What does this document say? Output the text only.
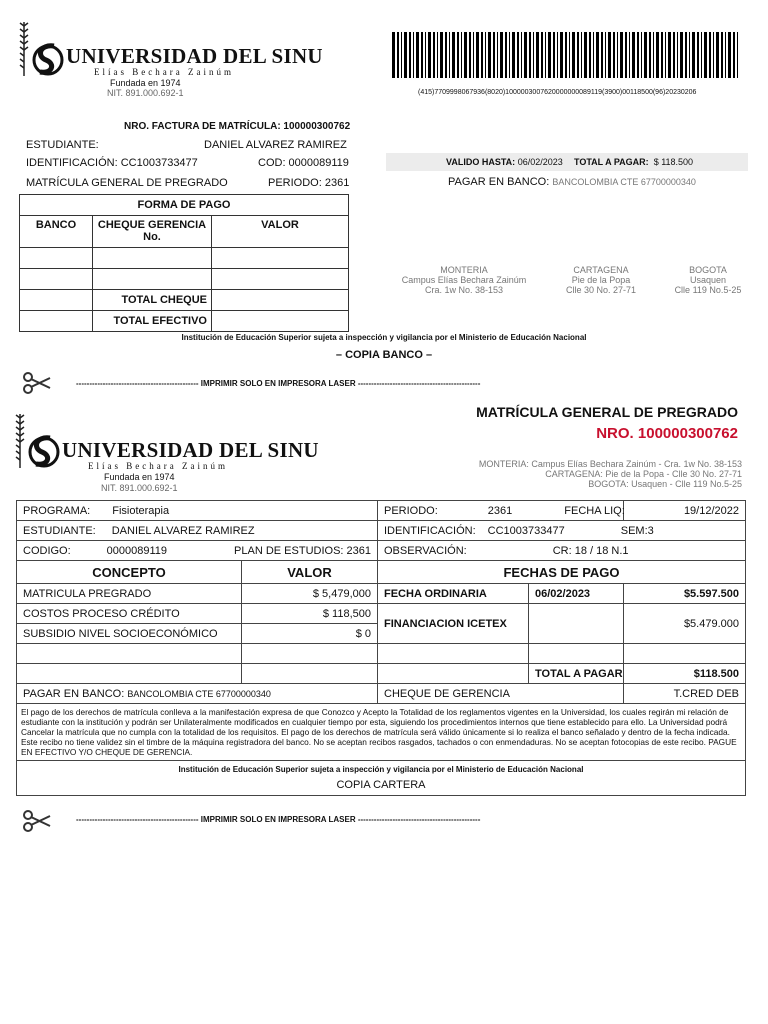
UNIVERSIDAD DEL SINU
Elías Bechara Zainúm
Fundada en 1974
NIT. 891.000.692-1	(415)7709998067936(8020)1000003007620000000089119(3900)00118500(96)20230206
NRO. FACTURA DE MATRÍCULA: 100000300762
ESTUDIANTE:	DANIEL ALVAREZ RAMIREZ
IDENTIFICACIÓN: CC1003733477	COD: 0000089119
MATRÍCULA GENERAL DE PREGRADO	PERIODO: 2361
VALIDO HASTA: 06/02/2023 TOTAL A PAGAR: $ 118.500
PAGAR EN BANCO: BANCOLOMBIA CTE 67700000340
FORMA DE PAGO		
BANCO	CHEQUE GERENCIA No.	VALOR

	TOTAL CHEQUE	
	TOTAL EFECTIVO	
MONTERIA
Campus Elías Bechara Zainúm
Cra. 1w No. 38-153
CARTAGENA
Pie de la Popa
Clle 30 No. 27-71
BOGOTA
Usaquen
Clle 119 No.5-25
Institución de Educación Superior sujeta a inspección y vigilancia por el Ministerio de Educación Nacional
– COPIA BANCO –
---------------------------------------------- IMPRIMIR SOLO EN IMPRESORA LASER ----------------------------------------------
UNIVERSIDAD DEL SINU
Elías Bechara Zainúm
Fundada en 1974
NIT. 891.000.692-1
MATRÍCULA GENERAL DE PREGRADO
NRO. 100000300762
MONTERIA: Campus Elías Bechara Zainúm - Cra. 1w No. 38-153
CARTAGENA: Pie de la Popa - Clle 30 No. 27-71
BOGOTA: Usaquen - Clle 119 No.5-25
PROGRAMA: Fisioterapia		PERIODO: 2361 FECHA LIQ:		19/12/2022
ESTUDIANTE: DANIEL ALVAREZ RAMIREZ		IDENTIFICACIÓN: CC1003733477 SEM:3		
CODIGO: 0000089119 PLAN DE ESTUDIOS: 2361		OBSERVACIÓN: CR: 18 / 18 N.1		
CONCEPTO	VALOR	FECHAS DE PAGO		
MATRICULA PREGRADO	$ 5,479,000	FECHA ORDINARIA	06/02/2023	$5.597.500
COSTOS PROCESO CRÉDITO	$ 118,500	FINANCIACION ICETEX		$5.479.000
SUBSIDIO NIVEL SOCIOECONÓMICO	$ 0			

			TOTAL A PAGAR	$118.500
PAGAR EN BANCO: BANCOLOMBIA CTE 67700000340		CHEQUE DE GERENCIA		T.CRED DEB
El pago de los derechos de matrícula conlleva a la manifestación expresa de que Conozco y Acepto la Totalidad de los reglamentos vigentes en la Universidad, los cuales regirán mi relación de estudiante con la institución y podrán ser Unilateralmente modificados en cualquier tiempo por esta, siguiendo los procedimientos internos que tiene establecido para ello. La Universidad podrá Cancelar la matrícula que no cumpla con la totalidad de los requisitos. El pago de los derechos de matrícula será válido únicamente si lo realiza el banco señalado y dentro de la fecha indicada. Este recibo no tiene validez sin el timbre de la máquina registradora del banco. No se aceptan recibos rasgados, tachados o con enmendaduras. No se aceptan fotocopias de este recibo. PAGUE EN EFECTIVO Y/O CHEQUE DE GERENCIA.				

Institución de Educación Superior sujeta a inspección y vigilancia por el Ministerio de Educación Nacional
COPIA CARTERA				
---------------------------------------------- IMPRIMIR SOLO EN IMPRESORA LASER ----------------------------------------------
